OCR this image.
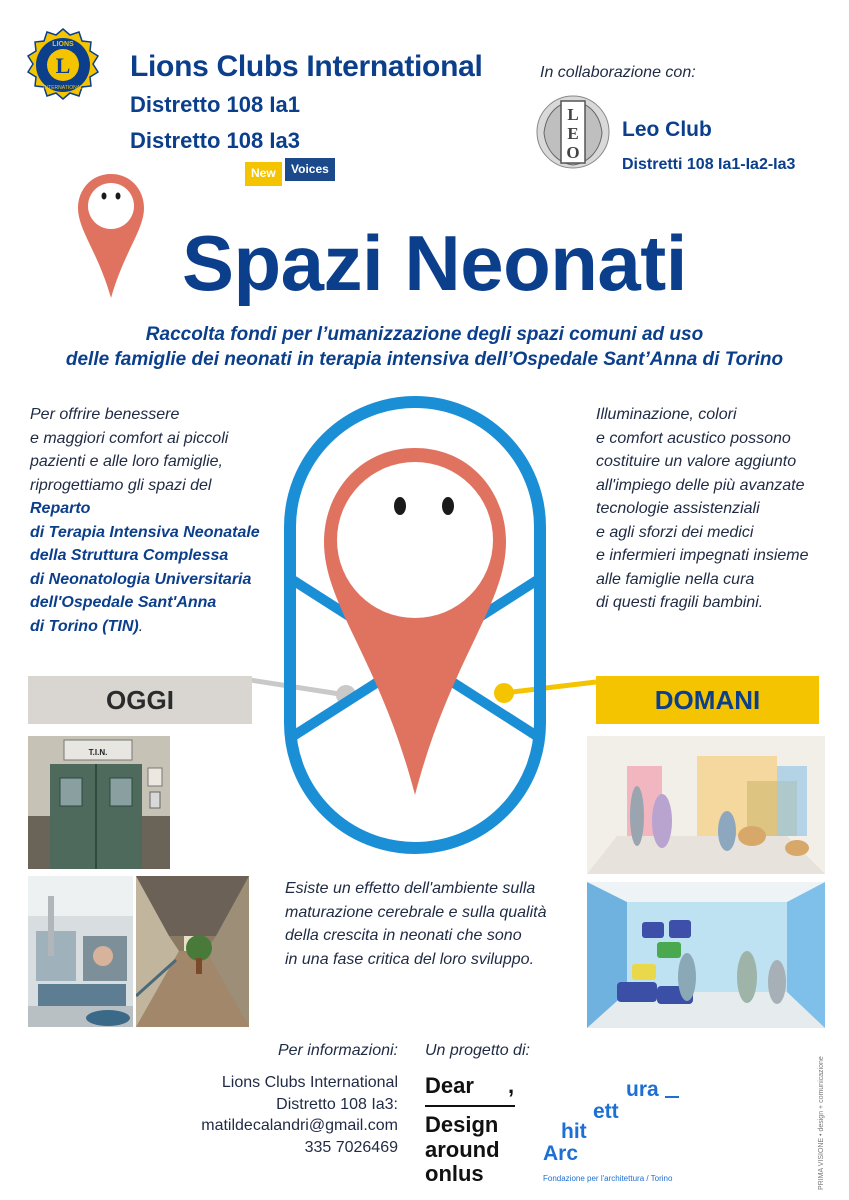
L
LIONS
INTERNATIONAL
Lions Clubs International
Distretto 108 Ia1
Distretto 108 Ia3
New	Voices
In collaborazione con:
L
E
O
Leo Club
Distretti 108 Ia1-Ia2-Ia3
Spazi Neonati
Raccolta fondi per l’umanizzazione degli spazi comuni ad uso
delle famiglie dei neonati in terapia intensiva dell’Ospedale Sant’Anna di Torino
Per offrire benessere
e maggiori comfort ai piccoli
pazienti e alle loro famiglie,
riprogettiamo gli spazi del
Reparto
di Terapia Intensiva Neonatale
della Struttura Complessa
di Neonatologia Universitaria
dell'Ospedale Sant'Anna
di Torino (TIN).
Illuminazione, colori
e comfort acustico possono
costituire un valore aggiunto
all'impiego delle più avanzate
tecnologie assistenziali
e agli sforzi dei medici
e infermieri impegnati insieme
alle famiglie nella cura
di questi fragili bambini.
OGGI	DOMANI
T.I.N.
Esiste un effetto dell'ambiente sulla
maturazione cerebrale e sulla qualità
della crescita in neonati che sono
in una fase critica del loro sviluppo.
Per informazioni:
Lions Clubs International
Distretto 108 Ia3:
matildecalandri@gmail.com
335 7026469
Un progetto di:
Dear ,
Design
around
onlus
ura
ett
hit
Arc
Fondazione per l'architettura / Torino	PRIMA VISIONE • design + comunicazione
